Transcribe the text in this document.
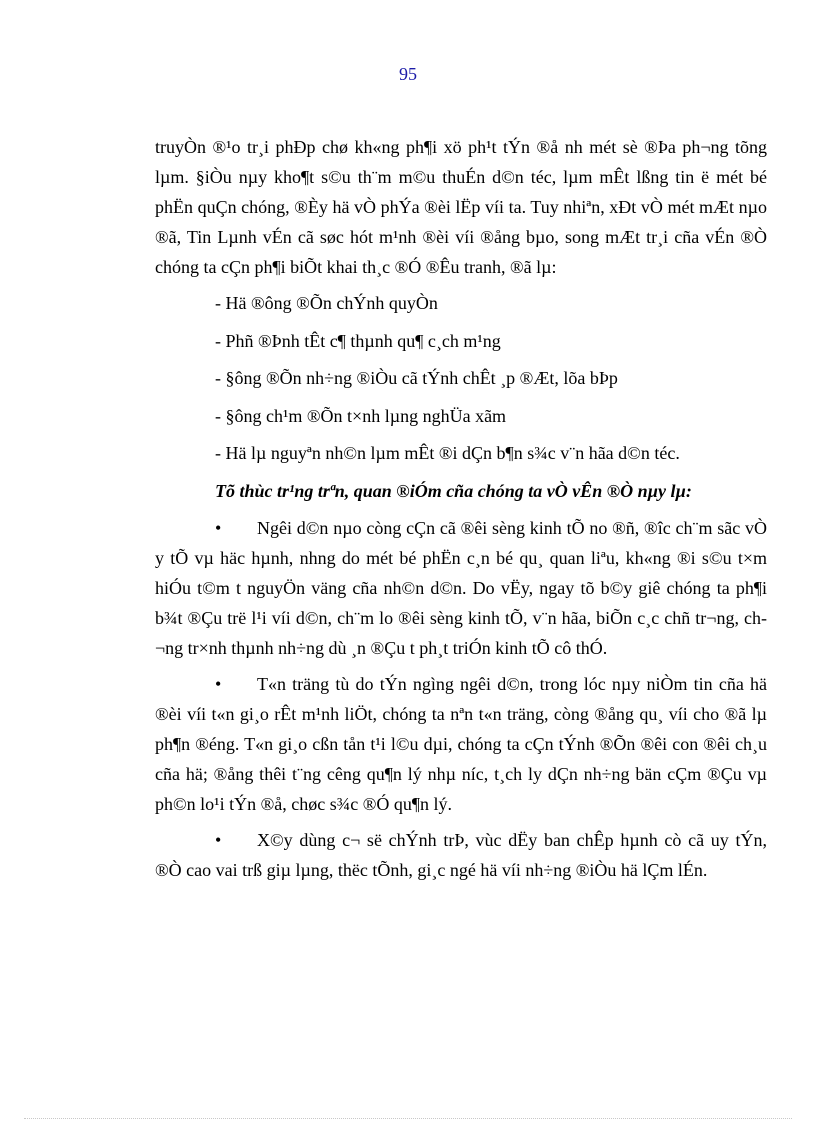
95

truyÒn ®¹o tr¸i phÐp chø kh«ng ph¶i xö ph¹t tÝn ®å nh mét sè ®Þa ph¬ng tõng lµm. §iÒu nµy kho¶t s©u th¨m m©u thuÉn d©n téc, lµm mÊt lßng tin ë mét bé phËn quÇn chóng, ®Èy hä vÒ phÝa ®èi lËp víi ta. Tuy nhiªn, xÐt vÒ mét mÆt nµo ®ã, Tin Lµnh vÉn cã søc hót m¹nh ®èi víi ®ång bµo, song mÆt tr¸i cña vÉn ®Ò chóng ta cÇn ph¶i biÕt khai th¸c ®Ó ®Êu tranh, ®ã lµ:

- Hä ®ông ®Õn chÝnh quyÒn
- Phñ ®Þnh tÊt c¶ thµnh qu¶ c¸ch m¹ng
- §ông ®Õn nh÷ng ®iÒu cã tÝnh chÊt ¸p ®Æt, lõa bÞp
- §ông ch¹m ®Õn t×nh lµng nghÜa xãm
- Hä lµ nguyªn nh©n lµm mÊt ®i dÇn b¶n s¾c v¨n hãa d©n téc.

Tõ thùc tr¹ng trªn, quan ®iÓm cña chóng ta vÒ vÊn ®Ò nµy lµ:

• Ngêi d©n nµo còng cÇn cã ®êi sèng kinh tÕ no ®ñ, ®îc ch¨m sãc vÒ y tÕ vµ häc hµnh, nhng do mét bé phËn c¸n bé qu¸ quan liªu, kh«ng ®i s©u t×m hiÓu t©m t nguyÖn väng cña nh©n d©n. Do vËy, ngay tõ b©y giê chóng ta ph¶i b¾t ®Çu trë l¹i víi d©n, ch¨m lo ®êi sèng kinh tÕ, v¨n hãa, biÕn c¸c chñ tr¬ng, ch¬ng tr×nh thµnh nh÷ng dù ¸n ®Çu t ph¸t triÓn kinh tÕ cô thÓ.

• T«n träng tù do tÝn ngìng ngêi d©n, trong lóc nµy niÒm tin cña hä ®èi víi t«n gi¸o rÊt m¹nh liÖt, chóng ta nªn t«n träng, còng ®ång qu¸ víi cho ®ã lµ ph¶n ®éng. T«n gi¸o cßn tån t¹i l©u dµi, chóng ta cÇn tÝnh ®Õn ®êi con ®êi ch¸u cña hä; ®ång thêi t¨ng cêng qu¶n lý nhµ níc, t¸ch ly dÇn nh÷ng bän cÇm ®Çu vµ ph©n lo¹i tÝn ®å, chøc s¾c ®Ó qu¶n lý.

• X©y dùng c¬ së chÝnh trÞ, vùc dËy ban chÊp hµnh cò cã uy tÝn, ®Ò cao vai trß giµ lµng, thëc tÕnh, gi¸c ngé hä víi nh÷ng ®iÒu hä lÇm lÉn.
